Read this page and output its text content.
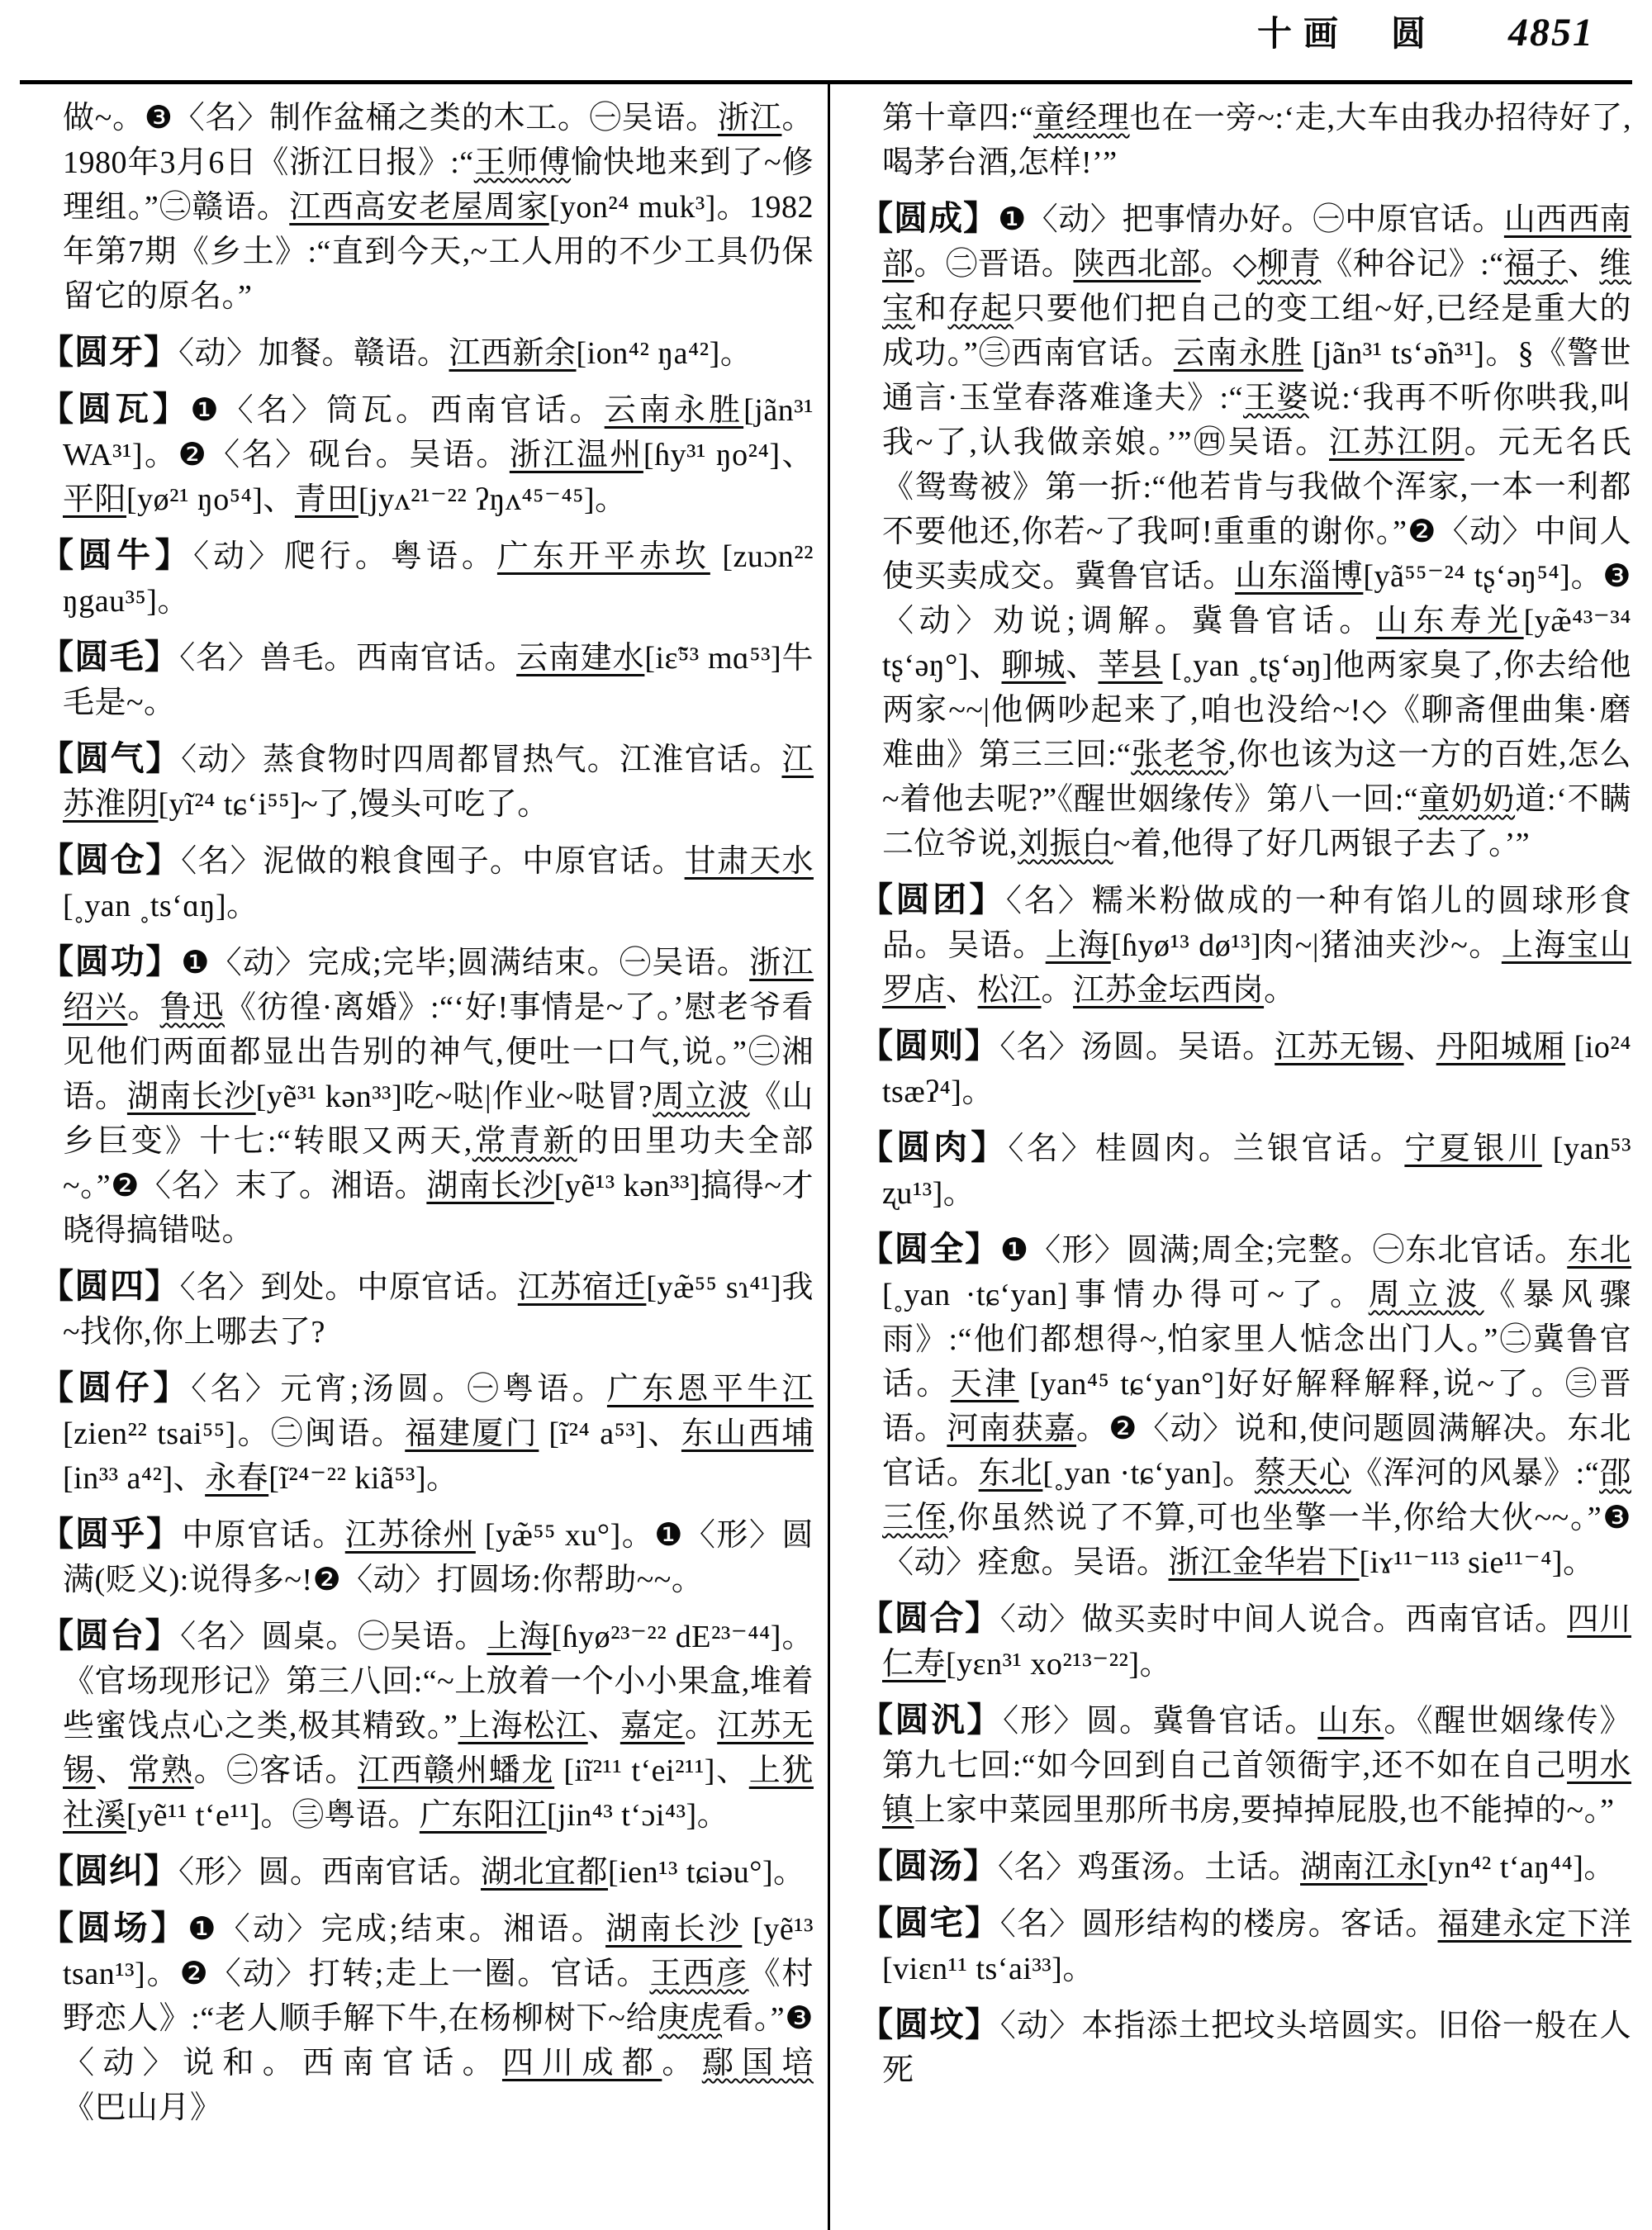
十画 圆 4851

做~。❸〈名〉制作盆桶之类的木工。㊀吴语。浙江。1980年3月6日《浙江日报》:“王师傅愉快地来到了~修理组。”㊁赣语。江西高安老屋周家[yon²⁴ muk³]。1982年第7期《乡土》:“直到今天,~工人用的不少工具仍保留它的原名。”

【圆牙】〈动〉加餐。赣语。江西新余[ion⁴² ŋa⁴²]。

【圆瓦】❶〈名〉筒瓦。西南官话。云南永胜[jãn³¹ WA³¹]。❷〈名〉砚台。吴语。浙江温州[ɦy³¹ ŋo²⁴]、平阳[yø²¹ ŋo⁵⁴]、青田[jyʌ²¹⁻²² ʔŋʌ⁴⁵⁻⁴⁵]。

【圆牛】〈动〉爬行。粤语。广东开平赤坎 [zuɔn²² ŋgau³⁵]。

【圆毛】〈名〉兽毛。西南官话。云南建水[iɛ̃⁵³ mɑ⁵³]牛毛是~。

【圆气】〈动〉蒸食物时四周都冒热气。江淮官话。江苏淮阴[yĩ²⁴ tɕ‘i⁵⁵]~了,馒头可吃了。

【圆仓】〈名〉泥做的粮食囤子。中原官话。甘肃天水[˳yan ˳ts‘ɑŋ]。

【圆功】❶〈动〉完成;完毕;圆满结束。㊀吴语。浙江绍兴。鲁迅《彷徨·离婚》:“‘好!事情是~了。’慰老爷看见他们两面都显出告别的神气,便吐一口气,说。”㊁湘语。湖南长沙[yẽ³¹ kən³³]吃~哒|作业~哒冒?周立波《山乡巨变》十七:“转眼又两天,常青新的田里功夫全部~。”❷〈名〉末了。湘语。湖南长沙[yẽ¹³ kən³³]搞得~才晓得搞错哒。

【圆四】〈名〉到处。中原官话。江苏宿迁[yæ̃⁵⁵ sɿ⁴¹]我~找你,你上哪去了?

【圆仔】〈名〉元宵;汤圆。㊀粤语。广东恩平牛江[zien²² tsai⁵⁵]。㊁闽语。福建厦门 [ĩ²⁴ a⁵³]、东山西埔[in³³ a⁴²]、永春[ĩ²⁴⁻²² kiã⁵³]。

【圆乎】中原官话。江苏徐州 [yæ̃⁵⁵ xu°]。❶〈形〉圆满(贬义):说得多~!❷〈动〉打圆场:你帮助~~。

【圆台】〈名〉圆桌。㊀吴语。上海[ɦyø²³⁻²² dE²³⁻⁴⁴]。《官场现形记》第三八回:“~上放着一个小小果盒,堆着些蜜饯点心之类,极其精致。”上海松江、嘉定。江苏无锡、常熟。㊁客话。江西赣州蟠龙 [iĩ²¹¹ t‘ei²¹¹]、上犹社溪[yẽ¹¹ t‘e¹¹]。㊂粤语。广东阳江[jin⁴³ t‘ɔi⁴³]。

【圆纠】〈形〉圆。西南官话。湖北宜都[ien¹³ tɕiəu°]。

【圆场】❶〈动〉完成;结束。湘语。湖南长沙 [yẽ¹³ tsan¹³]。❷〈动〉打转;走上一圈。官话。王西彦《村野恋人》:“老人顺手解下牛,在杨柳树下~给庚虎看。”❸〈动〉说和。西南官话。四川成都。鄢国培《巴山月》

第十章四:“童经理也在一旁~:‘走,大车由我办招待好了,喝茅台酒,怎样!’”

【圆成】❶〈动〉把事情办好。㊀中原官话。山西西南部。㊁晋语。陕西北部。◇柳青《种谷记》:“福子、维宝和存起只要他们把自己的变工组~好,已经是重大的成功。”㊂西南官话。云南永胜 [jãn³¹ ts‘ə̃n³¹]。§《警世通言·玉堂春落难逢夫》:“王婆说:‘我再不听你哄我,叫我~了,认我做亲娘。’”㊃吴语。江苏江阴。元无名氏《鸳鸯被》第一折:“他若肯与我做个浑家,一本一利都不要他还,你若~了我呵!重重的谢你。”❷〈动〉中间人使买卖成交。冀鲁官话。山东淄博[yã⁵⁵⁻²⁴ tʂ‘əŋ⁵⁴]。❸〈动〉劝说;调解。冀鲁官话。山东寿光[yæ̃⁴³⁻³⁴ tʂ‘əŋ°]、聊城、莘县 [˳yan ˳tʂ‘əŋ]他两家臭了,你去给他两家~~|他俩吵起来了,咱也没给~!◇《聊斋俚曲集·磨难曲》第三三回:“张老爷,你也该为这一方的百姓,怎么~着他去呢?”《醒世姻缘传》第八一回:“童奶奶道:‘不瞒二位爷说,刘振白~着,他得了好几两银子去了。’”

【圆团】〈名〉糯米粉做成的一种有馅儿的圆球形食品。吴语。上海[ɦyø¹³ dø¹³]肉~|猪油夹沙~。上海宝山罗店、松江。江苏金坛西岗。

【圆则】〈名〉汤圆。吴语。江苏无锡、丹阳城厢 [io²⁴ tsæʔ⁴]。

【圆肉】〈名〉桂圆肉。兰银官话。宁夏银川 [yan⁵³ ʐu¹³]。

【圆全】❶〈形〉圆满;周全;完整。㊀东北官话。东北[˳yan ·tɕ‘yan]事情办得可~了。周立波《暴风骤雨》:“他们都想得~,怕家里人惦念出门人。”㊁冀鲁官话。天津 [yan⁴⁵ tɕ‘yan°]好好解释解释,说~了。㊂晋语。河南获嘉。❷〈动〉说和,使问题圆满解决。东北官话。东北[˳yan ·tɕ‘yan]。蔡天心《浑河的风暴》:“邵三侄,你虽然说了不算,可也坐擎一半,你给大伙~~。”❸〈动〉痊愈。吴语。浙江金华岩下[iɤ¹¹⁻¹¹³ sie¹¹⁻⁴]。

【圆合】〈动〉做买卖时中间人说合。西南官话。四川仁寿[yɛn³¹ xo²¹³⁻²²]。

【圆汎】〈形〉圆。冀鲁官话。山东。《醒世姻缘传》第九七回:“如今回到自己首领衙宇,还不如在自己明水镇上家中菜园里那所书房,要掉掉屁股,也不能掉的~。”

【圆汤】〈名〉鸡蛋汤。土话。湖南江永[yn⁴² t‘aŋ⁴⁴]。

【圆宅】〈名〉圆形结构的楼房。客话。福建永定下洋[viɛn¹¹ ts‘ai³³]。

【圆坟】〈动〉本指添土把坟头培圆实。旧俗一般在人死
